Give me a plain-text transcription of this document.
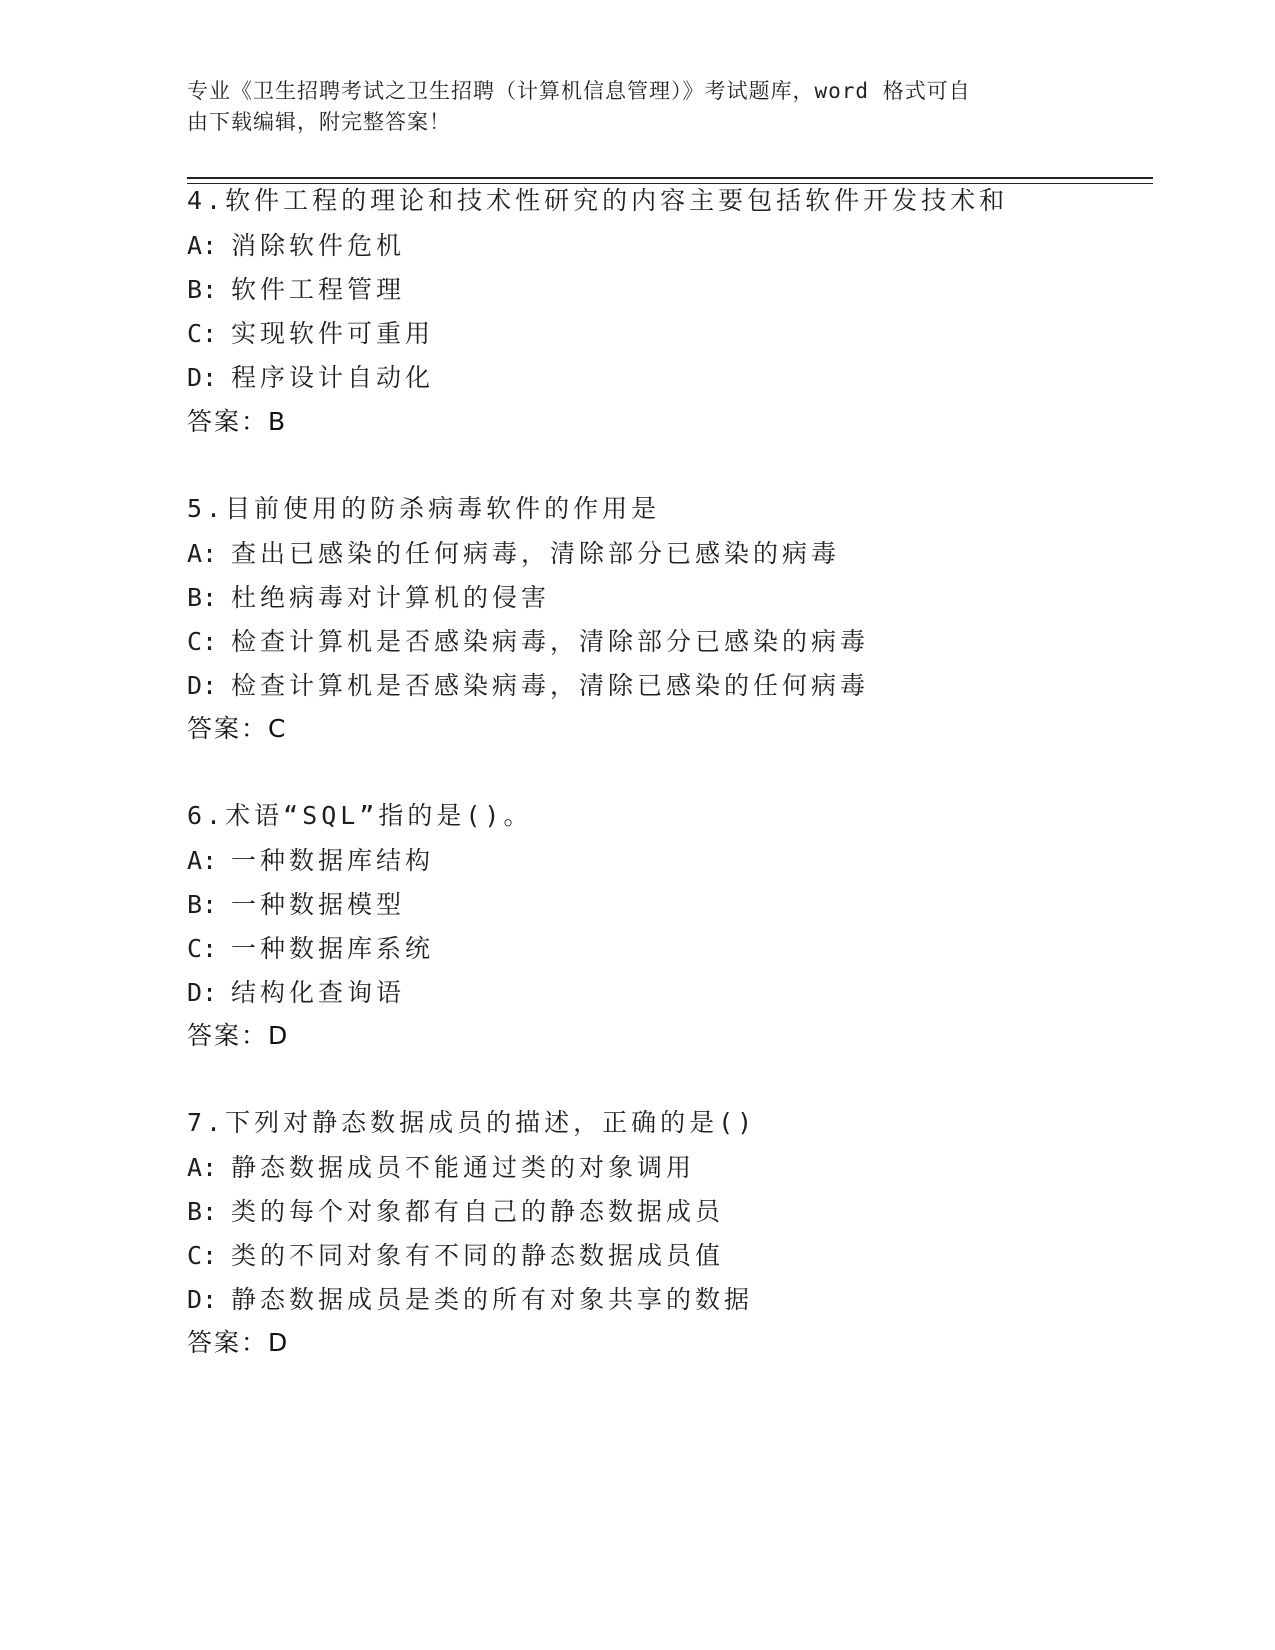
专业《卫生招聘考试之卫生招聘（计算机信息管理）》考试题库，word 格式可自
由下载编辑，附完整答案！
4.软件工程的理论和技术性研究的内容主要包括软件开发技术和
A: 消除软件危机
B: 软件工程管理
C: 实现软件可重用
D: 程序设计自动化
答案：B
5.目前使用的防杀病毒软件的作用是
A: 查出已感染的任何病毒，清除部分已感染的病毒
B: 杜绝病毒对计算机的侵害
C: 检查计算机是否感染病毒，清除部分已感染的病毒
D: 检查计算机是否感染病毒，清除已感染的任何病毒
答案：C
6.术语“SQL”指的是()。
A: 一种数据库结构
B: 一种数据模型
C: 一种数据库系统
D: 结构化查询语
答案：D
7.下列对静态数据成员的描述，正确的是()
A: 静态数据成员不能通过类的对象调用
B: 类的每个对象都有自己的静态数据成员
C: 类的不同对象有不同的静态数据成员值
D: 静态数据成员是类的所有对象共享的数据
答案：D
